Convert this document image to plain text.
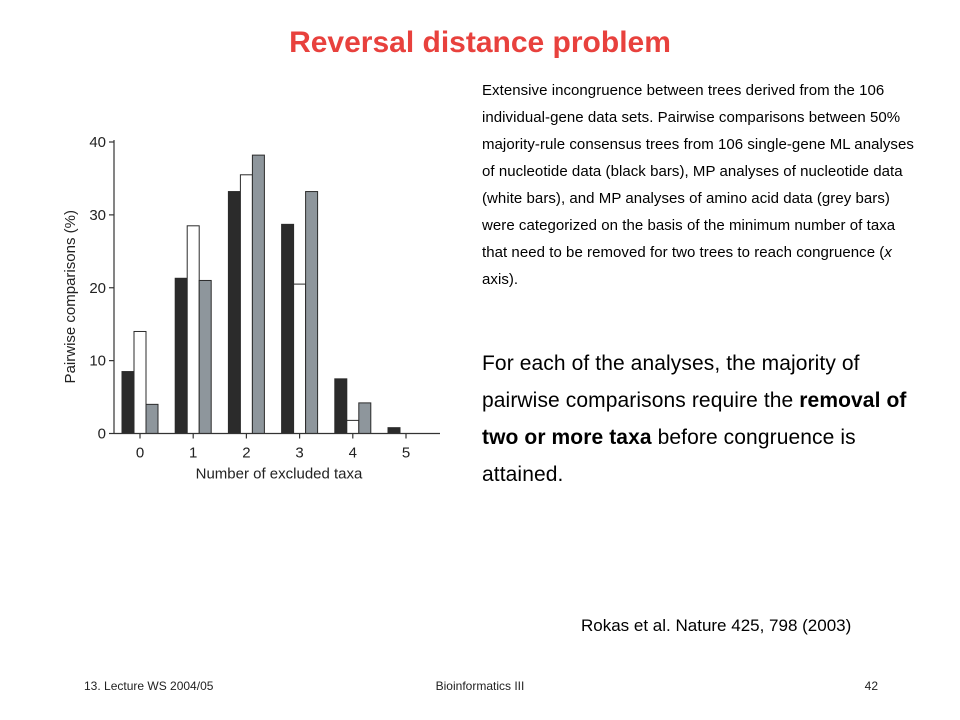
Reversal distance problem
0
10
20
30
40
0	1	2	3	4	5
Number of excluded taxa
Pairwise comparisons (%)

Extensive incongruence between trees derived from the 106 individual-gene data sets. Pairwise comparisons between 50% majority-rule consensus trees from 106 single-gene ML analyses of nucleotide data (black bars), MP analyses of nucleotide data (white bars), and MP analyses of amino acid data (grey bars) were categorized on the basis of the minimum number of taxa that need to be removed for two trees to reach congruence (x axis).

For each of the analyses, the majority of pairwise comparisons require the removal of two or more taxa before congruence is attained.

Rokas et al. Nature 425, 798 (2003)
13. Lecture WS 2004/05	Bioinformatics III	42
